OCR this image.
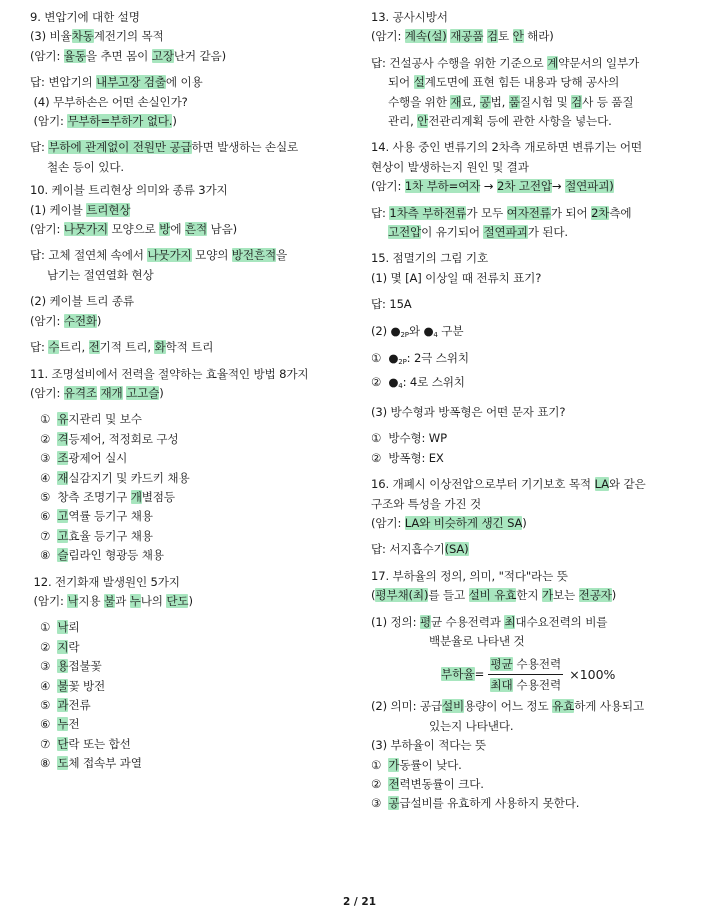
9. 변압기에 대한 설명
(3) 비율차동계전기의 목적
(암기: 율동을 추면 몸이 고장난거 같음)
답: 변압기의 내부고장 검출에 이용
(4) 무부하손은 어떤 손실인가?
(암기: 무부하=부하가 없다.)
답: 부하에 관계없이 전원만 공급하면 발생하는 손실로
철손 등이 있다.
10. 케이블 트리현상 의미와 종류 3가지
(1) 케이블 트리현상
(암기: 나뭇가지 모양으로 방에 흔적 남음)
답: 고체 절연체 속에서 나뭇가지 모양의 방전흔적을
남기는 절연열화 현상
(2) 케이블 트리 종류
(암기: 수전화)
답: 수트리, 전기적 트리, 화학적 트리
11. 조명설비에서 전력을 절약하는 효율적인 방법 8가지
(암기: 유격조 재개 고고슬)
①  유지관리 및 보수
②  격등제어, 적정회로 구성
③  조광제어 실시
④  재실감지기 및 카드키 채용
⑤  창측 조명기구 개별점등
⑥  고역률 등기구 채용
⑦  고효율 등기구 채용
⑧  슬림라인 형광등 채용
12. 전기화재 발생원인 5가지
(암기: 낙지용 불과 누나의 단도)
①  낙뢰
②  지락
③  용접불꽃
④  불꽃 방전
⑤  과전류
⑥  누전
⑦  단락 또는 합선
⑧  도체 접속부 과열
13. 공사시방서
(암기: 계속(설) 재공품 검토 안 해라)
답: 건설공사 수행을 위한 기준으로 계약문서의 일부가
되어 설계도면에 표현 힘든 내용과 당해 공사의
수행을 위한 재료, 공법, 품질시험 및 검사 등 품질
관리, 안전관리계획 등에 관한 사항을 넣는다.
14. 사용 중인 변류기의 2차측 개로하면 변류기는 어떤
현상이 발생하는지 원인 및 결과
(암기: 1차 부하=여자 → 2차 고전압→ 절연파괴)
답: 1차측 부하전류가 모두 여자전류가 되어 2차측에
고전압이 유기되어 절연파괴가 된다.
15. 점멸기의 그림 기호
(1) 몇 [A] 이상일 때 전류치 표기?
답: 15A
(2) $●_{2P}$와 $●_4$ 구분
①  $●_{2P}$: 2극 스위치
②  $●_4$: 4로 스위치
(3) 방수형과 방폭형은 어떤 문자 표기?
①  방수형: WP
②  방폭형: EX
16. 개폐시 이상전압으로부터 기기보호 목적 LA와 같은
구조와 특성을 가진 것
(암기: LA와 비슷하게 생긴 SA)
답: 서지흡수기(SA)
17. 부하율의 정의, 의미, "적다"라는 뜻
(평부채(최)를 들고 설비 유효한지 가보는 전공자)
(1) 정의: 평균 수용전력과 최대수요전력의 비를
백분율로 나타낸 것
부하율= $\frac{\text{평균 수용전력}}{\text{최대 수용전력}} \times 100\%$
(2) 의미: 공급설비용량이 어느 정도 유효하게 사용되고
있는지 나타낸다.
(3) 부하율이 적다는 뜻
①  가동률이 낮다.
②  전력변동률이 크다.
③  공급설비를 유효하게 사용하지 못한다.
2 / 21
